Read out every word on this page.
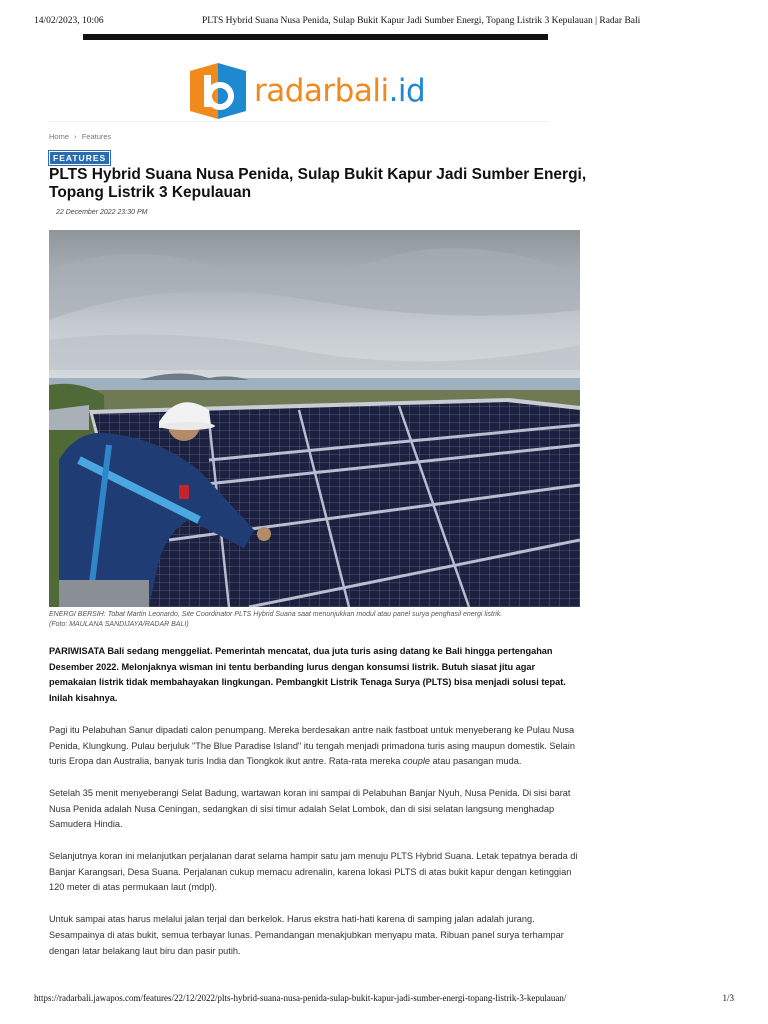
14/02/2023, 10:06	PLTS Hybrid Suana Nusa Penida, Sulap Bukit Kapur Jadi Sumber Energi, Topang Listrik 3 Kepulauan | Radar Bali
radarbali.id
Home › Features
FEATURES
PLTS Hybrid Suana Nusa Penida, Sulap Bukit Kapur Jadi Sumber Energi, Topang Listrik 3 Kepulauan
22 December 2022 23:30 PM
ENERGI BERSIH: Tobat Martin Leonardo, Site Coordinator PLTS Hybrid Suana saat menunjukkan modul atau panel surya penghasil energi listrik.
(Foto: MAULANA SANDIJAYA/RADAR BALI)

PARIWISATA Bali sedang menggeliat. Pemerintah mencatat, dua juta turis asing datang ke Bali hingga pertengahan Desember 2022. Melonjaknya wisman ini tentu berbanding lurus dengan konsumsi listrik. Butuh siasat jitu agar pemakaian listrik tidak membahayakan lingkungan. Pembangkit Listrik Tenaga Surya (PLTS) bisa menjadi solusi tepat. Inilah kisahnya.

Pagi itu Pelabuhan Sanur dipadati calon penumpang. Mereka berdesakan antre naik fastboat untuk menyeberang ke Pulau Nusa Penida, Klungkung. Pulau berjuluk "The Blue Paradise Island" itu tengah menjadi primadona turis asing maupun domestik. Selain turis Eropa dan Australia, banyak turis India dan Tiongkok ikut antre. Rata-rata mereka couple atau pasangan muda.

Setelah 35 menit menyeberangi Selat Badung, wartawan koran ini sampai di Pelabuhan Banjar Nyuh, Nusa Penida. Di sisi barat Nusa Penida adalah Nusa Ceningan, sedangkan di sisi timur adalah Selat Lombok, dan di sisi selatan langsung menghadap Samudera Hindia.

Selanjutnya koran ini melanjutkan perjalanan darat selama hampir satu jam menuju PLTS Hybrid Suana. Letak tepatnya berada di Banjar Karangsari, Desa Suana. Perjalanan cukup memacu adrenalin, karena lokasi PLTS di atas bukit kapur dengan ketinggian 120 meter di atas permukaan laut (mdpl).

Untuk sampai atas harus melalui jalan terjal dan berkelok. Harus ekstra hati-hati karena di samping jalan adalah jurang. Sesampainya di atas bukit, semua terbayar lunas. Pemandangan menakjubkan menyapu mata. Ribuan panel surya terhampar dengan latar belakang laut biru dan pasir putih.

https://radarbali.jawapos.com/features/22/12/2022/plts-hybrid-suana-nusa-penida-sulap-bukit-kapur-jadi-sumber-energi-topang-listrik-3-kepulauan/	1/3
